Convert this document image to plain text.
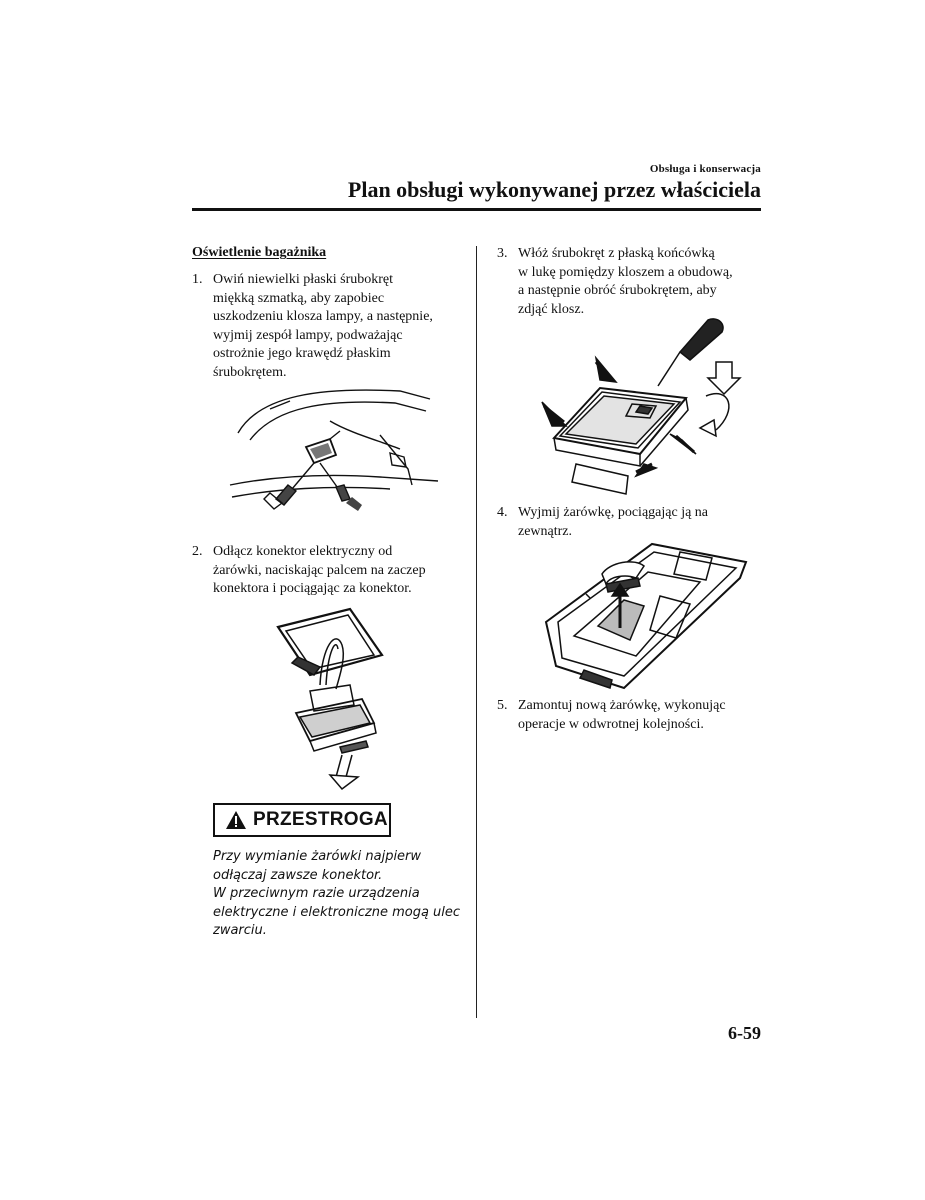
Obsługa i konserwacja
Plan obsługi wykonywanej przez właściciela
Oświetlenie bagażnika
1. Owiń niewielki płaski śrubokręt
miękką szmatką, aby zapobiec
uszkodzeniu klosza lampy, a następnie,
wyjmij zespół lampy, podważając
ostrożnie jego krawędź płaskim
śrubokrętem.
2. Odłącz konektor elektryczny od
żarówki, naciskając palcem na zaczep
konektora i pociągając za konektor.
PRZESTROGA
Przy wymianie żarówki najpierw
odłączaj zawsze konektor.
W przeciwnym razie urządzenia
elektryczne i elektroniczne mogą ulec
zwarciu.
3. Włóż śrubokręt z płaską końcówką
w lukę pomiędzy kloszem a obudową,
a następnie obróć śrubokrętem, aby
zdjąć klosz.
4. Wyjmij żarówkę, pociągając ją na
zewnątrz.
5. Zamontuj nową żarówkę, wykonując
operacje w odwrotnej kolejności.
6-59
